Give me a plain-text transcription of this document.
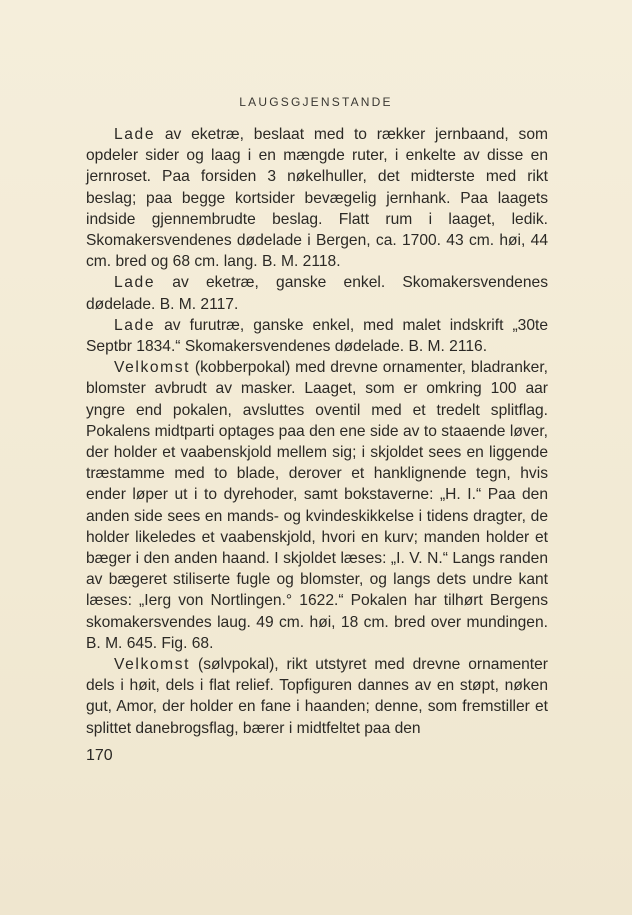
LAUGSGJENSTANDE

Lade av eketræ, beslaat med to rækker jernbaand, som opdeler sider og laag i en mængde ruter, i enkelte av disse en jernroset. Paa forsiden 3 nøkelhuller, det midterste med rikt beslag; paa begge kortsider bevægelig jernhank. Paa laagets indside gjennembrudte beslag. Flatt rum i laaget, ledik. Skomakersvendenes dødelade i Bergen, ca. 1700. 43 cm. høi, 44 cm. bred og 68 cm. lang. B. M. 2118.

Lade av eketræ, ganske enkel. Skomakersvendenes dødelade. B. M. 2117.

Lade av furutræ, ganske enkel, med malet indskrift „30te Septbr 1834.“ Skomakersvendenes dødelade. B. M. 2116.

Velkomst (kobberpokal) med drevne ornamenter, bladranker, blomster avbrudt av masker. Laaget, som er omkring 100 aar yngre end pokalen, avsluttes oventil med et tredelt splitflag. Pokalens midtparti optages paa den ene side av to staaende løver, der holder et vaabenskjold mellem sig; i skjoldet sees en liggende træstamme med to blade, derover et hanklignende tegn, hvis ender løper ut i to dyrehoder, samt bokstaverne: „H. I.“ Paa den anden side sees en mands- og kvindeskikkelse i tidens dragter, de holder likeledes et vaabenskjold, hvori en kurv; manden holder et bæger i den anden haand. I skjoldet læses: „I. V. N.“ Langs randen av bægeret stiliserte fugle og blomster, og langs dets undre kant læses: „Ierg von Nortlingen.° 1622.“ Pokalen har tilhørt Bergens skomakersvendes laug. 49 cm. høi, 18 cm. bred over mundingen. B. M. 645. Fig. 68.

Velkomst (sølvpokal), rikt utstyret med drevne ornamenter dels i høit, dels i flat relief. Topfiguren dannes av en støpt, nøken gut, Amor, der holder en fane i haanden; denne, som fremstiller et splittet danebrogsflag, bærer i midtfeltet paa den

170
